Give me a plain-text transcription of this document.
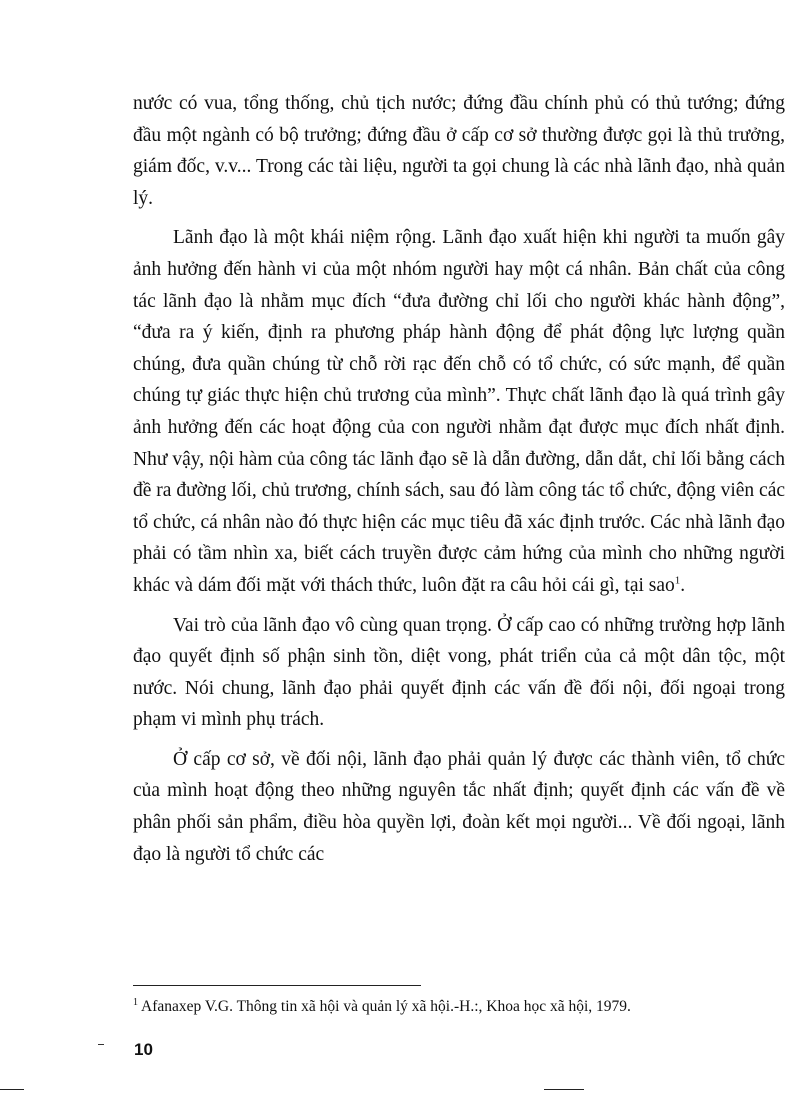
nước có vua, tổng thống, chủ tịch nước; đứng đầu chính phủ có thủ tướng; đứng đầu một ngành có bộ trưởng; đứng đầu ở cấp cơ sở thường được gọi là thủ trưởng, giám đốc, v.v... Trong các tài liệu, người ta gọi chung là các nhà lãnh đạo, nhà quản lý.

Lãnh đạo là một khái niệm rộng. Lãnh đạo xuất hiện khi người ta muốn gây ảnh hưởng đến hành vi của một nhóm người hay một cá nhân. Bản chất của công tác lãnh đạo là nhằm mục đích “đưa đường chỉ lối cho người khác hành động”, “đưa ra ý kiến, định ra phương pháp hành động để phát động lực lượng quần chúng, đưa quần chúng từ chỗ rời rạc đến chỗ có tổ chức, có sức mạnh, để quần chúng tự giác thực hiện chủ trương của mình”. Thực chất lãnh đạo là quá trình gây ảnh hưởng đến các hoạt động của con người nhằm đạt được mục đích nhất định. Như vậy, nội hàm của công tác lãnh đạo sẽ là dẫn đường, dẫn dắt, chỉ lối bằng cách đề ra đường lối, chủ trương, chính sách, sau đó làm công tác tổ chức, động viên các tổ chức, cá nhân nào đó thực hiện các mục tiêu đã xác định trước. Các nhà lãnh đạo phải có tầm nhìn xa, biết cách truyền được cảm hứng của mình cho những người khác và dám đối mặt với thách thức, luôn đặt ra câu hỏi cái gì, tại sao$^1$.

Vai trò của lãnh đạo vô cùng quan trọng. Ở cấp cao có những trường hợp lãnh đạo quyết định số phận sinh tồn, diệt vong, phát triển của cả một dân tộc, một nước. Nói chung, lãnh đạo phải quyết định các vấn đề đối nội, đối ngoại trong phạm vi mình phụ trách.

Ở cấp cơ sở, về đối nội, lãnh đạo phải quản lý được các thành viên, tổ chức của mình hoạt động theo những nguyên tắc nhất định; quyết định các vấn đề về phân phối sản phẩm, điều hòa quyền lợi, đoàn kết mọi người... Về đối ngoại, lãnh đạo là người tổ chức các

$^1$ Afanaxep V.G. Thông tin xã hội và quản lý xã hội.-H.:, Khoa học xã hội, 1979.
10
